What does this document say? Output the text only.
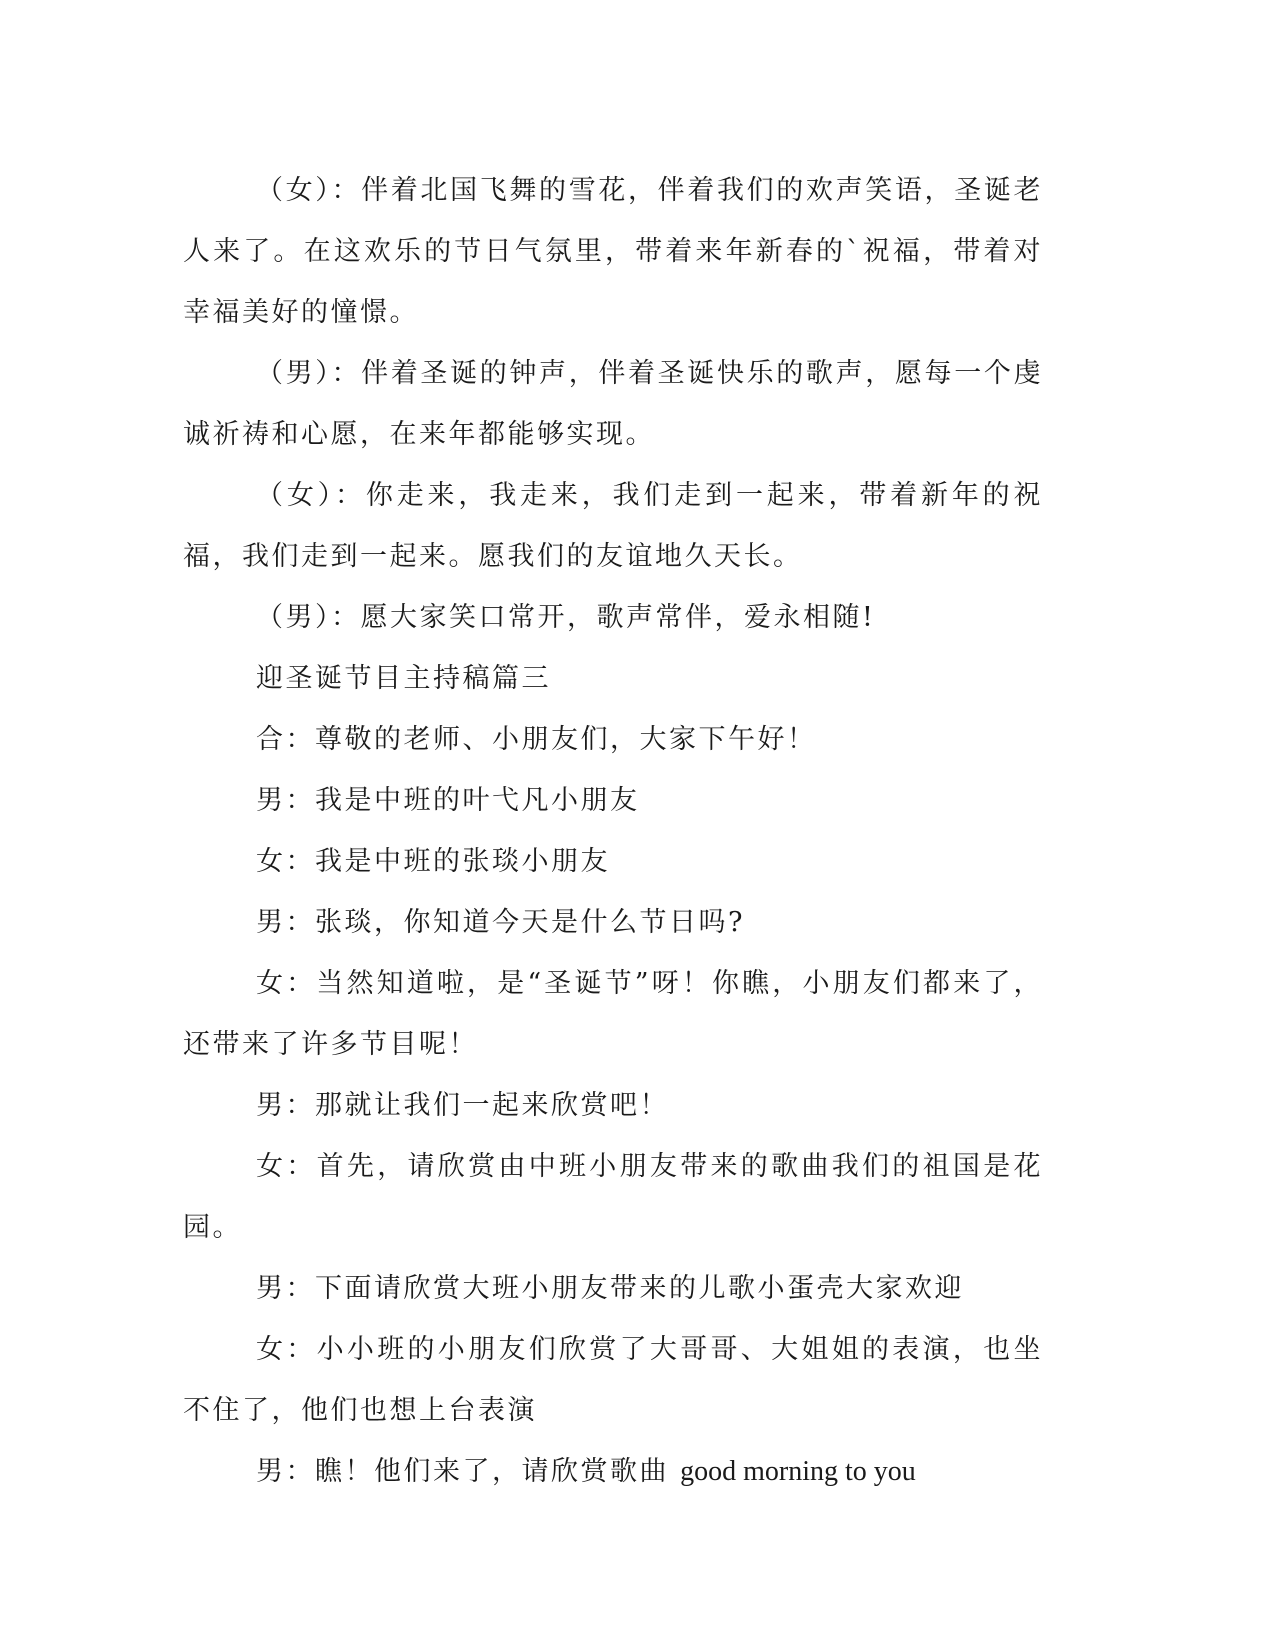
（女）：伴着北国飞舞的雪花，伴着我们的欢声笑语，圣诞老人来了。在这欢乐的节日气氛里，带着来年新春的`祝福，带着对幸福美好的憧憬。

（男）：伴着圣诞的钟声，伴着圣诞快乐的歌声，愿每一个虔诚祈祷和心愿，在来年都能够实现。

（女）：你走来，我走来，我们走到一起来，带着新年的祝福，我们走到一起来。愿我们的友谊地久天长。

（男）：愿大家笑口常开，歌声常伴，爱永相随!

迎圣诞节目主持稿篇三

合：尊敬的老师、小朋友们，大家下午好！

男：我是中班的叶弋凡小朋友

女：我是中班的张琰小朋友

男：张琰，你知道今天是什么节日吗?

女：当然知道啦，是“圣诞节”呀！你瞧，小朋友们都来了，还带来了许多节目呢！

男：那就让我们一起来欣赏吧！

女：首先，请欣赏由中班小朋友带来的歌曲我们的祖国是花园。

男：下面请欣赏大班小朋友带来的儿歌小蛋壳大家欢迎

女：小小班的小朋友们欣赏了大哥哥、大姐姐的表演，也坐不住了，他们也想上台表演

男：瞧！他们来了，请欣赏歌曲 good morning to you
